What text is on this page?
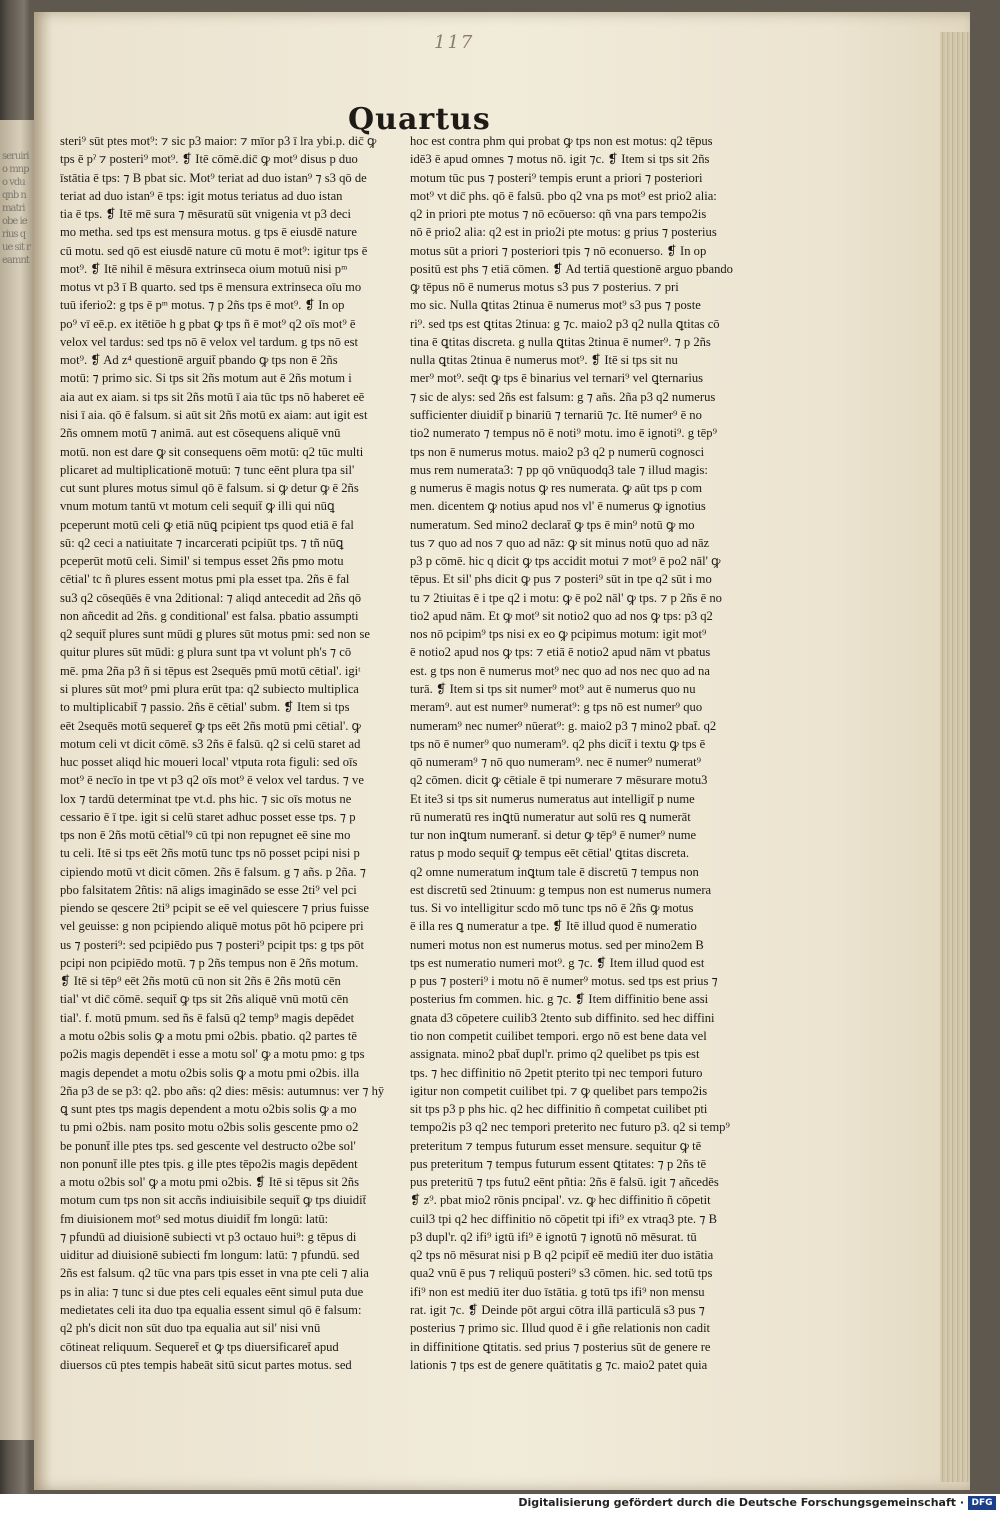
seruiri o mnpo vdu qnb nmatri obe ierius que sit reamnt
117
Quartus
steri⁹ sūt ptes mot⁹: ⁊ sic p3 maior: ⁊ mīor p3 ī lra ybi.p. dic̄ ꝙ
tps ē pˀ ⁊ posteri⁹ mot⁹. ❡ Itē cōmē.dic̄ ꝙ mot⁹ disus p duo
īstātia ē tps: ⁊ B pbat sic. Mot⁹ teriat ad duo istan⁹ ⁊ s3 qō de
teriat ad duo istan⁹ ē tps: igit motus teriatus ad duo istan
tia ē tps. ❡ Itē mē sura ⁊ mēsuratū sūt vnigenia vt p3 deci
mo metha. sed tps est mensura motus. g tps ē eiusdē nature
cū motu. sed qō est eiusdē nature cū motu ē mot⁹: igitur tps ē
mot⁹. ❡ Itē nihil ē mēsura extrinseca oium motuū nisi pᵐ
motus vt p3 ī B quarto. sed tps ē mensura extrinseca oīu mo
tuū iferio2: g tps ē pᵐ motus. ⁊ p 2ñs tps ē mot⁹. ❡ In op
po⁹ vī eē.p. ex itētiōe h g pbat ꝙ tps ñ ē mot⁹ q2 oīs mot⁹ ē
velox vel tardus: sed tps nō ē velox vel tardum. g tps nō est
mot⁹. ❡ Ad z⁴ questionē arguit̄ pbando ꝙ tps non ē 2ñs
motū: ⁊ primo sic. Si tps sit 2ñs motum aut ē 2ñs motum i
aia aut ex aiam. si tps sit 2ñs motū ī aia tūc tps nō haberet eē
nisi ī aia. qō ē falsum. si aūt sit 2ñs motū ex aiam: aut igit est
2ñs omnem motū ⁊ animā. aut est cōsequens aliquē vnū
motū. non est dare ꝙ sit consequens oēm motū: q2 tūc multi
plicaret ad multiplicationē motuū: ⁊ tunc eēnt plura tpa sil'
cut sunt plures motus simul qō ē falsum. si ꝙ detur ꝙ ē 2ñs
vnum motum tantū vt motum celi sequit̄ ꝙ illi qui nūꝗ
pceperunt motū celi ꝙ etiā nūꝗ pcipient tps quod etiā ē fal
sū: q2 ceci a natiuitate ⁊ incarcerati pcipiūt tps. ⁊ tñ nūꝗ
pceperūt motū celi. Simil' si tempus esset 2ñs pmo motu
cētial' tc ñ plures essent motus pmi pla esset tpa. 2ñs ē fal
su3 q2 cōseqūēs ē vna 2ditional: ⁊ aliqd antecedit ad 2ñs qō
non añcedit ad 2ñs. g conditional' est falsa. pbatio assumpti
q2 sequit̄ plures sunt mūdi g plures sūt motus pmi: sed non se
quitur plures sūt mūdi: g plura sunt tpa vt volunt ph's ⁊ cō
mē. pma 2ña p3 ñ si tēpus est 2sequēs pmū motū cētial'. igiᵗ
si plures sūt mot⁹ pmi plura erūt tpa: q2 subiecto multiplica
to multiplicabit̄ ⁊ passio. 2ñs ē cētial' subm. ❡ Item si tps
eēt 2sequēs motū sequeret̄ ꝙ tps eēt 2ñs motū pmi cētial'. ꝙ
motum celi vt dicit cōmē. s3 2ñs ē falsū. q2 si celū staret ad
huc posset aliqd hic moueri local' vtputa rota figuli: sed oīs
mot⁹ ē necīo in tpe vt p3 q2 oīs mot⁹ ē velox vel tardus. ⁊ ve
lox ⁊ tardū determinat tpe vt.d. phs hic. ⁊ sic oīs motus ne
cessario ē ī tpe. igit si celū staret adhuc posset esse tps. ⁊ p
tps non ē 2ñs motū cētial'ꝰ cū tpi non repugnet eē sine mo
tu celi. Itē si tps eēt 2ñs motū tunc tps nō posset pcipi nisi p
cipiendo motū vt dicit cōmen. 2ñs ē falsum. g ⁊ añs. p 2ña. ⁊
pbo falsitatem 2ñtis: nā aligs imaginādo se esse 2ti⁹ vel pci
piendo se qescere 2ti⁹ pcipit se eē vel quiescere ⁊ prius fuisse
vel geuisse: g non pcipiendo aliquē motus pōt hō pcipere pri
us ⁊ posteri⁹: sed pcipiēdo pus ⁊ posteri⁹ pcipit tps: g tps pōt
pcipi non pcipiēdo motū. ⁊ p 2ñs tempus non ē 2ñs motum.
❡ Itē si tēp⁹ eēt 2ñs motū cū non sit 2ñs ē 2ñs motū cēn
tial' vt dic̄ cōmē. sequit̄ ꝙ tps sit 2ñs aliquē vnū motū cēn
tial'. f. motū pmum. sed ñs ē falsū q2 temp⁹ magis depēdet
a motu o2bis solis ꝙ a motu pmi o2bis. pbatio. q2 partes tē
po2is magis dependēt i esse a motu sol' ꝙ a motu pmo: g tps
magis dependet a motu o2bis solis ꝙ a motu pmi o2bis. illa
2ña p3 de se p3: q2. pbo añs: q2 dies: mēsis: autumnus: ver ⁊ hȳ
ꝗ sunt ptes tps magis dependent a motu o2bis solis ꝙ a mo
tu pmi o2bis. nam posito motu o2bis solis gescente pmo o2
be ponunt̄ ille ptes tps. sed gescente vel destructo o2be sol'
non ponunt̄ ille ptes tpis. g ille ptes tēpo2is magis depēdent
a motu o2bis sol' ꝙ a motu pmi o2bis. ❡ Itē si tēpus sit 2ñs
motum cum tps non sit accñs indiuisibile sequit̄ ꝙ tps diuidit̄
fm diuisionem mot⁹ sed motus diuidit̄ fm longū: latū:
⁊ pfundū ad diuisionē subiecti vt p3 octauo hui⁹: g tēpus di
uiditur ad diuisionē subiecti fm longum: latū: ⁊ pfundū. sed
2ñs est falsum. q2 tūc vna pars tpis esset in vna pte celi ⁊ alia
ps in alia: ⁊ tunc si due ptes celi equales eēnt simul puta due
medietates celi ita duo tpa equalia essent simul qō ē falsum:
q2 ph's dicit non sūt duo tpa equalia aut sil' nisi vnū
cōtineat reliquum. Sequeret̄ et ꝙ tps diuersificaret̄ apud
diuersos cū ptes tempis habeāt sitū sicut partes motus. sed
hoc est contra phm qui probat ꝙ tps non est motus: q2 tēpus
idē3 ē apud omnes ⁊ motus nō. igit ⁊c. ❡ Item si tps sit 2ñs
motum tūc pus ⁊ posteri⁹ tempis erunt a priori ⁊ posteriori
mot⁹ vt dic̄ phs. qō ē falsū. pbo q2 vna ps mot⁹ est prio2 alia:
q2 in priori pte motus ⁊ nō ecōuerso: qñ vna pars tempo2is
nō ē prio2 alia: q2 est in prio2i pte motus: g prius ⁊ posterius
motus sūt a priori ⁊ posteriori tpis ⁊ nō econuerso. ❡ In op
positū est phs ⁊ etiā cōmen. ❡ Ad tertiā questionē arguo pbando
ꝙ tēpus nō ē numerus motus s3 pus ⁊ posterius. ⁊ pri
mo sic. Nulla ꝗtitas 2tinua ē numerus mot⁹ s3 pus ⁊ poste
ri⁹. sed tps est ꝗtitas 2tinua: g ⁊c. maio2 p3 q2 nulla ꝗtitas cō
tina ē ꝗtitas discreta. g nulla ꝗtitas 2tinua ē numer⁹. ⁊ p 2ñs
nulla ꝗtitas 2tinua ē numerus mot⁹. ❡ Itē si tps sit nu
mer⁹ mot⁹. seq̄t ꝙ tps ē binarius vel ternari⁹ vel ꝗternarius
⁊ sic de alys: sed 2ñs est falsum: g ⁊ añs. 2ña p3 q2 numerus
sufficienter diuidit̄ p binariū ⁊ ternariū ⁊c. Itē numer⁹ ē no
tio2 numerato ⁊ tempus nō ē noti⁹ motu. imo ē ignoti⁹. g tēp⁹
tps non ē numerus motus. maio2 p3 q2 p numerū cognosci
mus rem numerata3: ⁊ pp qō vnūquodq3 tale ⁊ illud magis:
g numerus ē magis notus ꝙ res numerata. ꝙ aūt tps p com
men. dicentem ꝙ notius apud nos vl' ē numerus ꝙ ignotius
numeratum. Sed mino2 declarat̄ ꝙ tps ē min⁹ notū ꝙ mo
tus ⁊ quo ad nos ⁊ quo ad nāz: ꝙ sit minus notū quo ad nāz
p3 p cōmē. hic q dicit ꝙ tps accidit motui ⁊ mot⁹ ē po2 nāl' ꝙ
tēpus. Et sil' phs dicit ꝙ pus ⁊ posteri⁹ sūt in tpe q2 sūt i mo
tu ⁊ 2tiuitas ē i tpe q2 i motu: ꝙ ē po2 nāl' ꝙ tps. ⁊ p 2ñs ē no
tio2 apud nām. Et ꝙ mot⁹ sit notio2 quo ad nos ꝙ tps: p3 q2
nos nō pcipim⁹ tps nisi ex eo ꝙ pcipimus motum: igit mot⁹
ē notio2 apud nos ꝙ tps: ⁊ etiā ē notio2 apud nām vt pbatus
est. g tps non ē numerus mot⁹ nec quo ad nos nec quo ad na
turā. ❡ Item si tps sit numer⁹ mot⁹ aut ē numerus quo nu
meram⁹. aut est numer⁹ numerat⁹: g tps nō est numer⁹ quo
numeram⁹ nec numer⁹ nūerat⁹: g. maio2 p3 ⁊ mino2 pbat̄. q2
tps nō ē numer⁹ quo numeram⁹. q2 phs dicit̄ i textu ꝙ tps ē
qō numeram⁹ ⁊ nō quo numeram⁹. nec ē numer⁹ numerat⁹
q2 cōmen. dicit ꝙ cētiale ē tpi numerare ⁊ mēsurare motu3
Et ite3 si tps sit numerus numeratus aut intelligit̄ p nume
rū numeratū res inꝗtū numeratur aut solū res ꝗ numerāt
tur non inꝗtum numerant̄. si detur ꝙ tēp⁹ ē numer⁹ nume
ratus p modo sequit̄ ꝙ tempus eēt cētial' ꝗtitas discreta.
q2 omne numeratum inꝗtum tale ē discretū ⁊ tempus non
est discretū sed 2tinuum: g tempus non est numerus numera
tus. Si vo intelligitur scdo mō tunc tps nō ē 2ñs ꝙ motus
ē illa res ꝗ numeratur a tpe. ❡ Itē illud quod ē numeratio
numeri motus non est numerus motus. sed per mino2em B
tps est numeratio numeri mot⁹. g ⁊c. ❡ Item illud quod est
p pus ⁊ posteri⁹ i motu nō ē numer⁹ motus. sed tps est prius ⁊
posterius fm commen. hic. g ⁊c. ❡ Item diffinitio bene assi
gnata d3 cōpetere cuilib3 2tento sub diffinito. sed hec diffini
tio non competit cuilibet tempori. ergo nō est bene data vel
assignata. mino2 pbat̄ dupl'r. primo q2 quelibet ps tpis est
tps. ⁊ hec diffinitio nō 2petit pterito tpi nec tempori futuro
igitur non competit cuilibet tpi. ⁊ ꝙ quelibet pars tempo2is
sit tps p3 p phs hic. q2 hec diffinitio ñ competat cuilibet pti
tempo2is p3 q2 nec tempori preterito nec futuro p3. q2 si temp⁹
preteritum ⁊ tempus futurum esset mensure. sequitur ꝙ tē
pus preteritum ⁊ tempus futurum essent ꝗtitates: ⁊ p 2ñs tē
pus preteritū ⁊ tps futu2 eēnt pñtia: 2ñs ē falsū. igit ⁊ añcedēs
❡ z⁹. pbat mio2 rōnis pncipal'. vz. ꝙ hec diffinitio ñ cōpetit
cuil3 tpi q2 hec diffinitio nō cōpetit tpi ifi⁹ ex vtraq3 pte. ⁊ B
p3 dupl'r. q2 ifi⁹ igtū ifi⁹ ē ignotū ⁊ ignotū nō mēsurat. tū
q2 tps nō mēsurat nisi p B q2 pcipit̄ eē mediū iter duo istātia
qua2 vnū ē pus ⁊ reliquū posteri⁹ s3 cōmen. hic. sed totū tps
ifi⁹ non est mediū iter duo īstātia. g totū tps ifi⁹ non mensu
rat. igit ⁊c. ❡ Deinde pōt argui cōtra illā particulā s3 pus ⁊
posterius ⁊ primo sic. Illud quod ē i gñe relationis non cadit
in diffinitione ꝗtitatis. sed prius ⁊ posterius sūt de genere re
lationis ⁊ tps est de genere quātitatis g ⁊c. maio2 patet quia
Digitalisierung gefördert durch die Deutsche Forschungsgemeinschaft · DFG
